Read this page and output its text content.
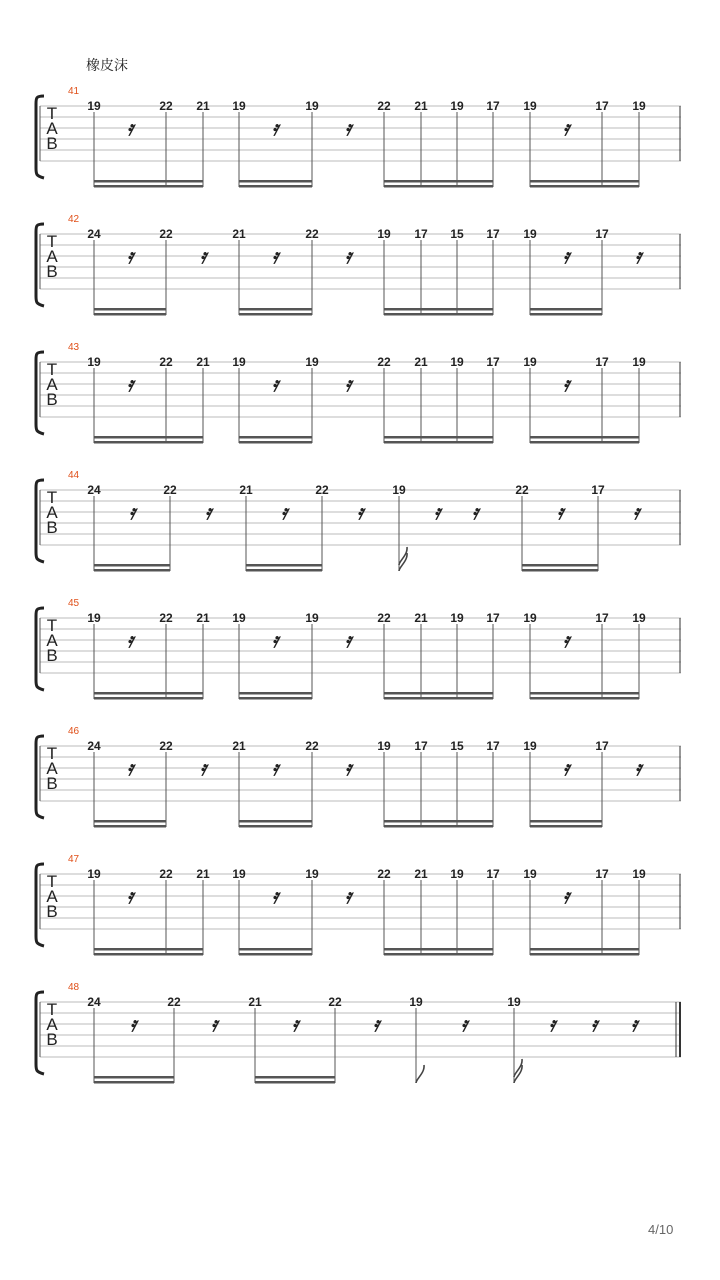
橡皮沫
41
T
A
B
19	22 21 19	19	22 21 19 17 19	17 19
𝄿	𝄿	𝄿	𝄿
42
T
A
B
24	22	21	22	19 17 15 17 19	17
𝄿	𝄿	𝄿	𝄿	𝄿	𝄿
43
T
A
B
19	22 21 19	19	22 21 19 17 19	17 19
𝄿	𝄿	𝄿	𝄿
44
T
A
B
24	22	21	22	19	22	17
𝄿	𝄿	𝄿	𝄿	𝄿 𝄿	𝄿	𝄿
45
T
A
B
19	22 21 19	19	22 21 19 17 19	17 19
𝄿	𝄿	𝄿	𝄿
46
T
A
B
24	22	21	22	19 17 15 17 19	17
𝄿	𝄿	𝄿	𝄿	𝄿	𝄿
47
T
A
B
19	22 21 19	19	22 21 19 17 19	17 19
𝄿	𝄿	𝄿	𝄿
48
T
A
B
24	22	21	22	19	19
𝄿	𝄿	𝄿	𝄿	𝄿	𝄿 𝄿 𝄿
4/10
